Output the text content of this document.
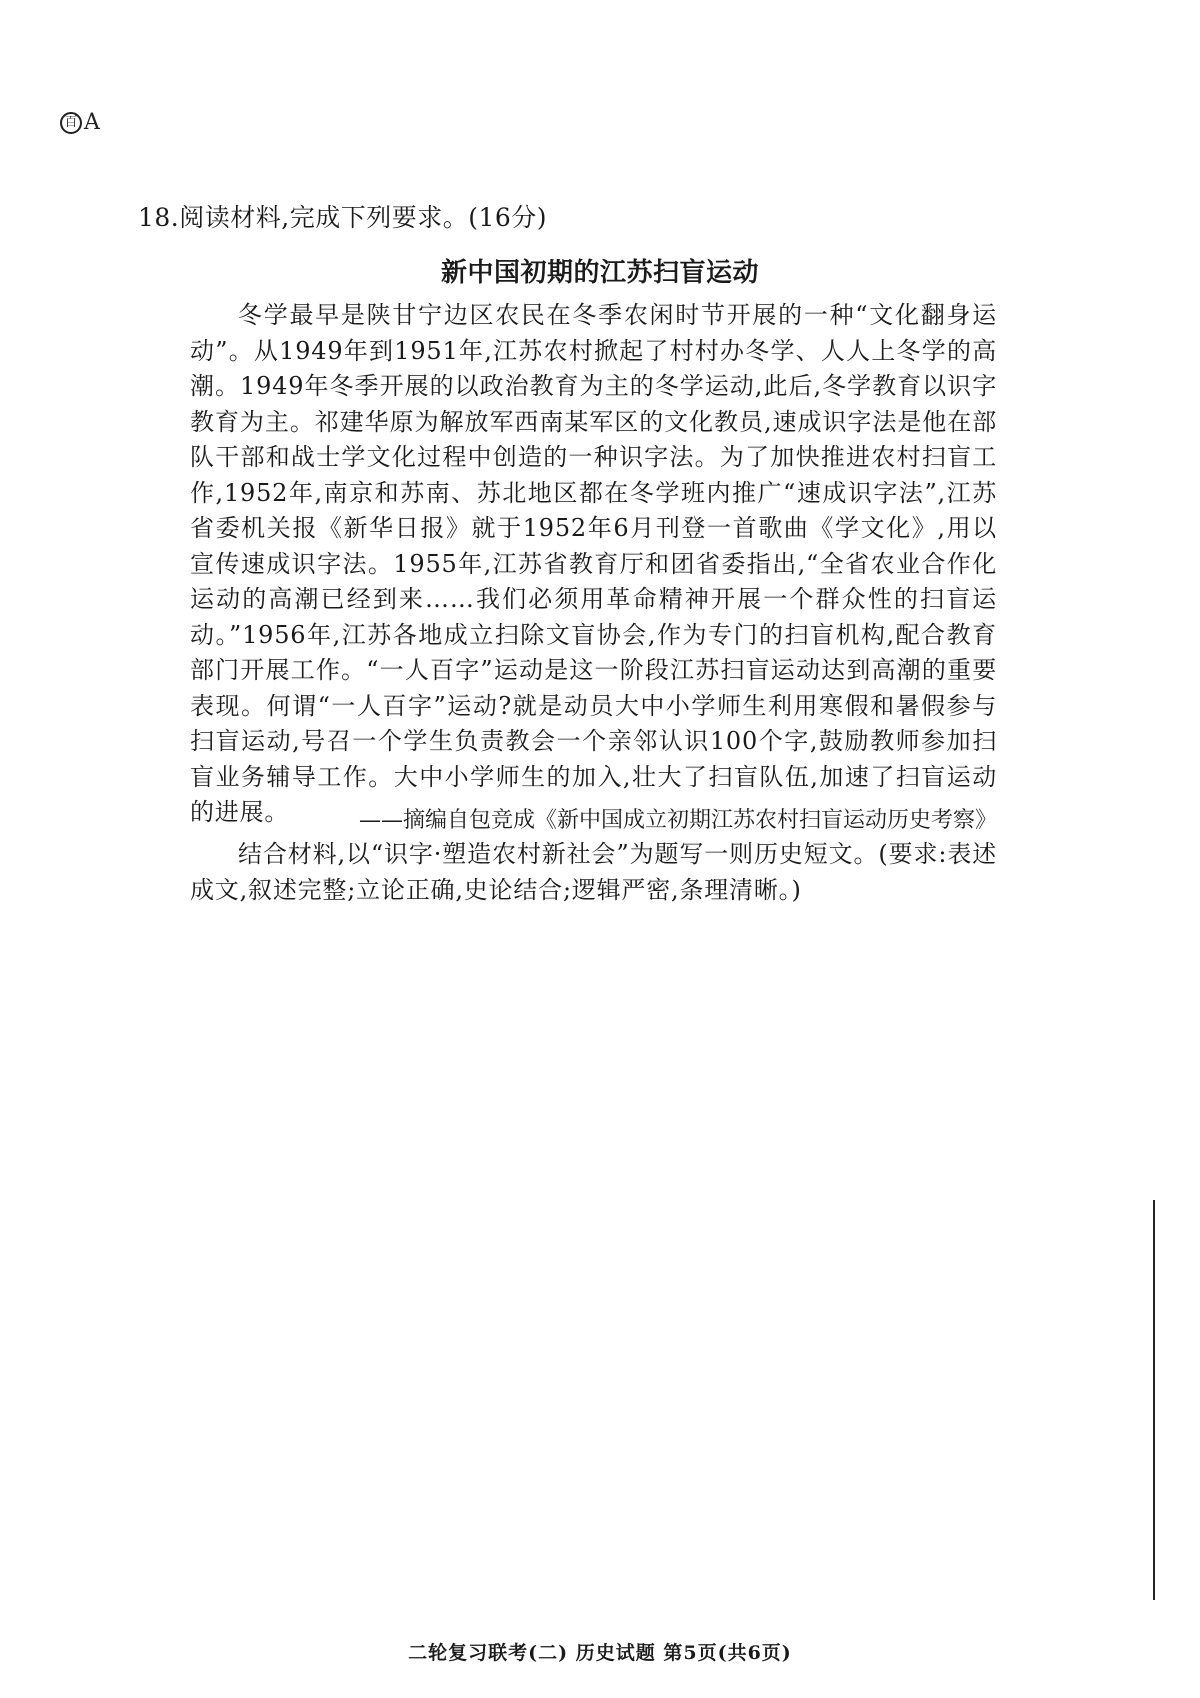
百 A
18.阅读材料,完成下列要求。(16分)
新中国初期的江苏扫盲运动

冬学最早是陕甘宁边区农民在冬季农闲时节开展的一种“文化翻身运动”。从1949年到1951年,江苏农村掀起了村村办冬学、人人上冬学的高潮。1949年冬季开展的以政治教育为主的冬学运动,此后,冬学教育以识字教育为主。祁建华原为解放军西南某军区的文化教员,速成识字法是他在部队干部和战士学文化过程中创造的一种识字法。为了加快推进农村扫盲工作,1952年,南京和苏南、苏北地区都在冬学班内推广“速成识字法”,江苏省委机关报《新华日报》就于1952年6月刊登一首歌曲《学文化》,用以宣传速成识字法。1955年,江苏省教育厅和团省委指出,“全省农业合作化运动的高潮已经到来……我们必须用革命精神开展一个群众性的扫盲运动。”1956年,江苏各地成立扫除文盲协会,作为专门的扫盲机构,配合教育部门开展工作。“一人百字”运动是这一阶段江苏扫盲运动达到高潮的重要表现。何谓“一人百字”运动?就是动员大中小学师生利用寒假和暑假参与扫盲运动,号召一个学生负责教会一个亲邻认识100个字,鼓励教师参加扫盲业务辅导工作。大中小学师生的加入,壮大了扫盲队伍,加速了扫盲运动的进展。	——摘编自包竞成《新中国成立初期江苏农村扫盲运动历史考察》

结合材料,以“识字·塑造农村新社会”为题写一则历史短文。(要求:表述成文,叙述完整;立论正确,史论结合;逻辑严密,条理清晰。)

二轮复习联考(二) 历史试题 第5页(共6页)
